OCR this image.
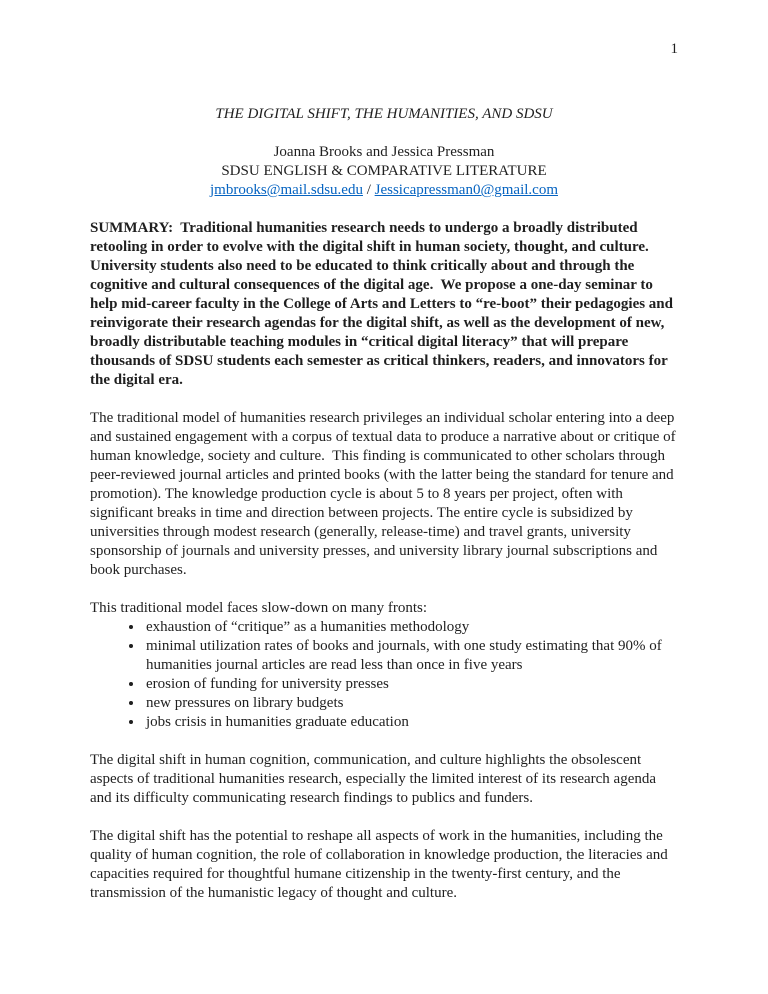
1
THE DIGITAL SHIFT, THE HUMANITIES, AND SDSU

Joanna Brooks and Jessica Pressman

SDSU ENGLISH & COMPARATIVE LITERATURE

jmbrooks@mail.sdsu.edu / Jessicapressman0@gmail.com

SUMMARY:  Traditional humanities research needs to undergo a broadly distributed retooling in order to evolve with the digital shift in human society, thought, and culture.  University students also need to be educated to think critically about and through the cognitive and cultural consequences of the digital age.  We propose a one-day seminar to help mid-career faculty in the College of Arts and Letters to “re-boot” their pedagogies and reinvigorate their research agendas for the digital shift, as well as the development of new, broadly distributable teaching modules in “critical digital literacy” that will prepare thousands of SDSU students each semester as critical thinkers, readers, and innovators for the digital era.

The traditional model of humanities research privileges an individual scholar entering into a deep and sustained engagement with a corpus of textual data to produce a narrative about or critique of human knowledge, society and culture.  This finding is communicated to other scholars through peer-reviewed journal articles and printed books (with the latter being the standard for tenure and promotion). The knowledge production cycle is about 5 to 8 years per project, often with significant breaks in time and direction between projects. The entire cycle is subsidized by universities through modest research (generally, release-time) and travel grants, university sponsorship of journals and university presses, and university library journal subscriptions and book purchases.

This traditional model faces slow-down on many fronts:

• exhaustion of “critique” as a humanities methodology
• minimal utilization rates of books and journals, with one study estimating that 90% of humanities journal articles are read less than once in five years
• erosion of funding for university presses
• new pressures on library budgets
• jobs crisis in humanities graduate education

The digital shift in human cognition, communication, and culture highlights the obsolescent aspects of traditional humanities research, especially the limited interest of its research agenda and its difficulty communicating research findings to publics and funders.

The digital shift has the potential to reshape all aspects of work in the humanities, including the quality of human cognition, the role of collaboration in knowledge production, the literacies and capacities required for thoughtful humane citizenship in the twenty-first century, and the transmission of the humanistic legacy of thought and culture.
